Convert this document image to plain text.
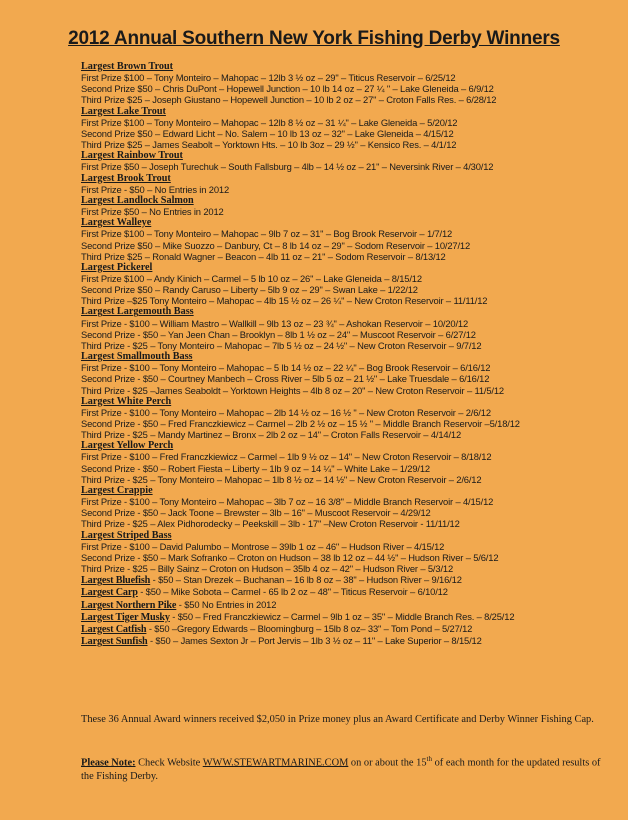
2012 Annual Southern New York Fishing Derby Winners
Largest Brown Trout
First Prize $100 – Tony Monteiro – Mahopac – 12lb 3 ½ oz – 29" – Titicus Reservoir – 6/25/12
Second Prize $50 – Chris DuPont – Hopewell Junction – 10 lb 14 oz – 27 ¼ " – Lake Gleneida – 6/9/12
Third Prize $25 – Joseph Giustano – Hopewell Junction – 10 lb 2 oz – 27" – Croton Falls Res. – 6/28/12
Largest Lake Trout
First Prize $100 – Tony Monteiro – Mahopac – 12lb 8 ½ oz – 31 ¼" – Lake Gleneida – 5/20/12
Second Prize $50 – Edward Licht – No. Salem – 10 lb 13 oz – 32" – Lake Gleneida – 4/15/12
Third Prize $25 – James Seabolt – Yorktown Hts. – 10 lb 3oz – 29 ½" – Kensico Res. – 4/1/12
Largest Rainbow Trout
First Prize $50 – Joseph Turechuk – South Fallsburg – 4lb – 14 ½ oz – 21" – Neversink River – 4/30/12
Largest Brook Trout
First Prize - $50 – No Entries in 2012
Largest Landlock Salmon
First Prize $50 – No Entries in 2012
Largest Walleye
First Prize $100 – Tony Monteiro – Mahopac – 9lb 7 oz – 31" – Bog Brook Reservoir – 1/7/12
Second Prize $50 – Mike Suozzo – Danbury, Ct – 8 lb 14 oz – 29" – Sodom Reservoir – 10/27/12
Third Prize $25 – Ronald Wagner – Beacon – 4lb 11 oz – 21" – Sodom Reservoir – 8/13/12
Largest Pickerel
First Prize $100 – Andy Kinich – Carmel – 5 lb 10 oz – 26" – Lake Gleneida – 8/15/12
Second Prize $50 – Randy Caruso – Liberty – 5lb 9 oz – 29" – Swan Lake – 1/22/12
Third Prize –$25 Tony Monteiro – Mahopac – 4lb 15 ½ oz – 26 ¼" – New Croton Reservoir – 11/11/12
Largest Largemouth Bass
First Prize - $100 – William Mastro – Wallkill – 9lb 13 oz – 23 ¾" – Ashokan Reservoir – 10/20/12
Second Prize - $50 – Yan Jeen Chan – Brooklyn – 8lb 1 ½ oz – 24" – Muscoot Reservoir – 6/27/12
Third Prize - $25 – Tony Monteiro – Mahopac – 7lb 5 ½ oz – 24 ½" – New Croton Reservoir – 9/7/12
Largest Smallmouth Bass
First Prize - $100 – Tony Monteiro – Mahopac – 5 lb 14 ½ oz – 22 ¼" – Bog Brook Reservoir – 6/16/12
Second Prize - $50 – Courtney Manbech – Cross River – 5lb 5 oz – 21 ½" – Lake Truesdale – 6/16/12
Third Prize - $25 –James Seaboldt – Yorktown Heights – 4lb 8 oz – 20" – New Croton Reservoir – 11/5/12
Largest White Perch
First Prize - $100 – Tony Monteiro – Mahopac – 2lb 14 ½ oz – 16 ½ " – New Croton Reservoir – 2/6/12
Second Prize - $50 – Fred Franczkiewicz – Carmel – 2lb 2 ½ oz – 15 ½ " – Middle Branch Reservoir –5/18/12
Third Prize - $25 – Mandy Martinez – Bronx – 2lb 2 oz – 14" – Croton Falls Reservoir – 4/14/12
Largest Yellow Perch
First Prize - $100 – Fred Franczkiewicz – Carmel – 1lb 9 ½ oz – 14" – New Croton Reservoir – 8/18/12
Second Prize - $50 – Robert Fiesta – Liberty – 1lb 9 oz – 14 ¼" – White Lake – 1/29/12
Third Prize - $25 – Tony Monteiro – Mahopac – 1lb 8 ½ oz – 14 ½" – New Croton Reservoir – 2/6/12
Largest Crappie
First Prize - $100 – Tony Monteiro – Mahopac – 3lb 7 oz – 16 3/8" – Middle Branch Reservoir – 4/15/12
Second Prize - $50 – Jack Toone – Brewster – 3lb – 16" – Muscoot Reservoir – 4/29/12
Third Prize - $25 – Alex Pidhorodecky – Peekskill – 3lb - 17" –New Croton Reservoir - 11/11/12
Largest Striped Bass
First Prize - $100 – David Palumbo – Montrose – 39lb 1 oz – 46" – Hudson River – 4/15/12
Second Prize - $50 – Mark Sofranko – Croton on Hudson – 38 lb 12 oz – 44 ½" – Hudson River – 5/6/12
Third Prize - $25 – Billy Sainz – Croton on Hudson – 35lb 4 oz – 42" – Hudson River – 5/3/12
Largest Bluefish - $50 – Stan Drezek – Buchanan – 16 lb 8 oz – 38" – Hudson River – 9/16/12
Largest Carp - $50 – Mike Sobota – Carmel - 65 lb 2 oz – 48" – Titicus Reservoir – 6/10/12
Largest Northern Pike - $50 No Entries in 2012
Largest Tiger Musky - $50 – Fred Franczkiewicz – Carmel – 9lb 1 oz – 35" – Middle Branch Res. – 8/25/12
Largest Catfish - $50 –Gregory Edwards – Bloomingburg – 15lb 8 oz– 33" – Tom Pond – 5/27/12
Largest Sunfish - $50 – James Sexton Jr – Port Jervis – 1lb 3 ½ oz – 11" – Lake Superior – 8/15/12
These 36 Annual Award winners received $2,050 in Prize money plus an Award Certificate and Derby Winner Fishing Cap.
Please Note: Check Website WWW.STEWARTMARINE.COM on or about the 15th of each month for the updated results of the Fishing Derby.
